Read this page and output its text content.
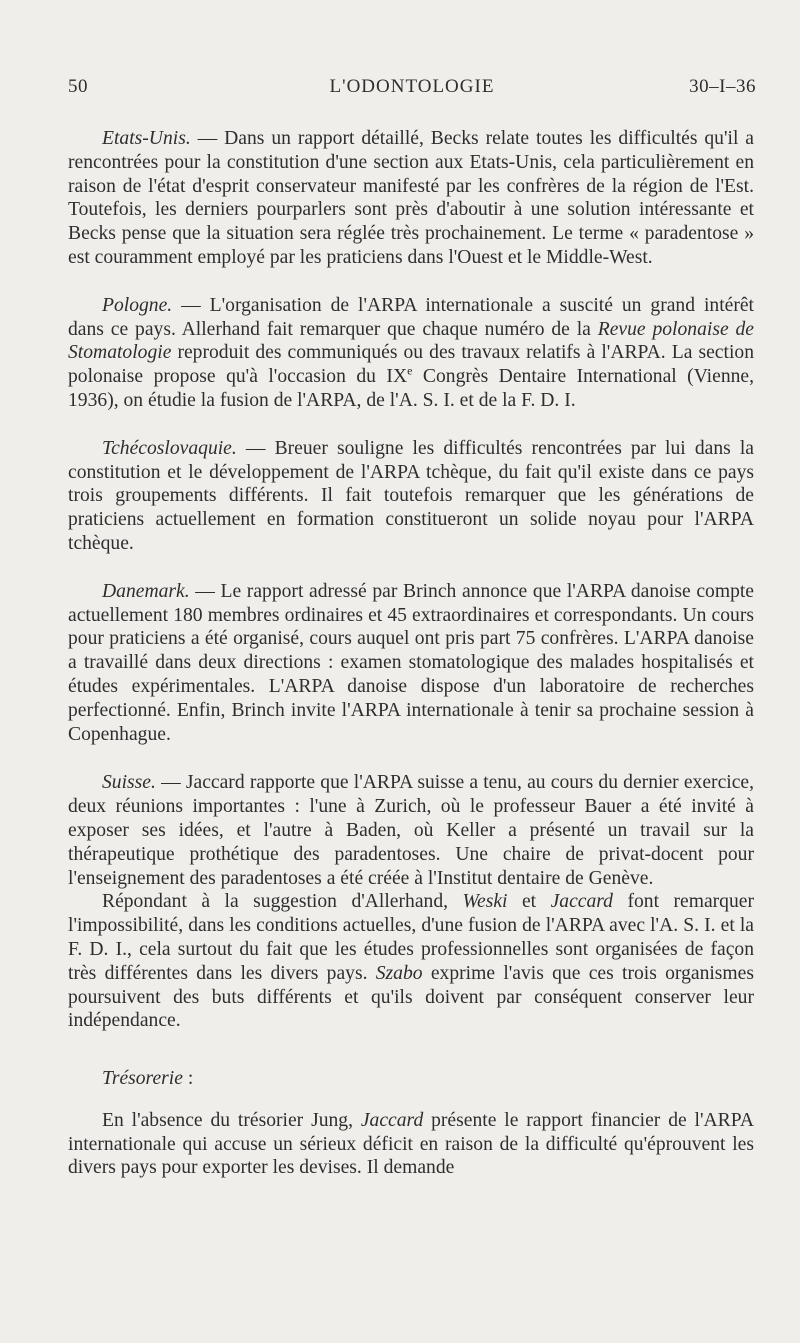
50	L'ODONTOLOGIE	30–I–36

Etats-Unis. — Dans un rapport détaillé, Becks relate toutes les difficultés qu'il a rencontrées pour la constitution d'une section aux Etats-Unis, cela particulièrement en raison de l'état d'esprit conservateur manifesté par les confrères de la région de l'Est. Toutefois, les derniers pourparlers sont près d'aboutir à une solution intéressante et Becks pense que la situation sera réglée très prochainement. Le terme « paradentose » est couramment employé par les praticiens dans l'Ouest et le Middle-West.

Pologne. — L'organisation de l'ARPA internationale a suscité un grand intérêt dans ce pays. Allerhand fait remarquer que chaque numéro de la Revue polonaise de Stomatologie reproduit des communiqués ou des travaux relatifs à l'ARPA. La section polonaise propose qu'à l'occasion du IXe Congrès Dentaire International (Vienne, 1936), on étudie la fusion de l'ARPA, de l'A. S. I. et de la F. D. I.

Tchécoslovaquie. — Breuer souligne les difficultés rencontrées par lui dans la constitution et le développement de l'ARPA tchèque, du fait qu'il existe dans ce pays trois groupements différents. Il fait toutefois remarquer que les générations de praticiens actuellement en formation constitueront un solide noyau pour l'ARPA tchèque.

Danemark. — Le rapport adressé par Brinch annonce que l'ARPA danoise compte actuellement 180 membres ordinaires et 45 extraordinaires et correspondants. Un cours pour praticiens a été organisé, cours auquel ont pris part 75 confrères. L'ARPA danoise a travaillé dans deux directions : examen stomatologique des malades hospitalisés et études expérimentales. L'ARPA danoise dispose d'un laboratoire de recherches perfectionné. Enfin, Brinch invite l'ARPA internationale à tenir sa prochaine session à Copenhague.

Suisse. — Jaccard rapporte que l'ARPA suisse a tenu, au cours du dernier exercice, deux réunions importantes : l'une à Zurich, où le professeur Bauer a été invité à exposer ses idées, et l'autre à Baden, où Keller a présenté un travail sur la thérapeutique prothétique des paradentoses. Une chaire de privat-docent pour l'enseignement des paradentoses a été créée à l'Institut dentaire de Genève.

Répondant à la suggestion d'Allerhand, Weski et Jaccard font remarquer l'impossibilité, dans les conditions actuelles, d'une fusion de l'ARPA avec l'A. S. I. et la F. D. I., cela surtout du fait que les études professionnelles sont organisées de façon très différentes dans les divers pays. Szabo exprime l'avis que ces trois organismes poursuivent des buts différents et qu'ils doivent par conséquent conserver leur indépendance.

Trésorerie :

En l'absence du trésorier Jung, Jaccard présente le rapport financier de l'ARPA internationale qui accuse un sérieux déficit en raison de la difficulté qu'éprouvent les divers pays pour exporter les devises. Il demande
